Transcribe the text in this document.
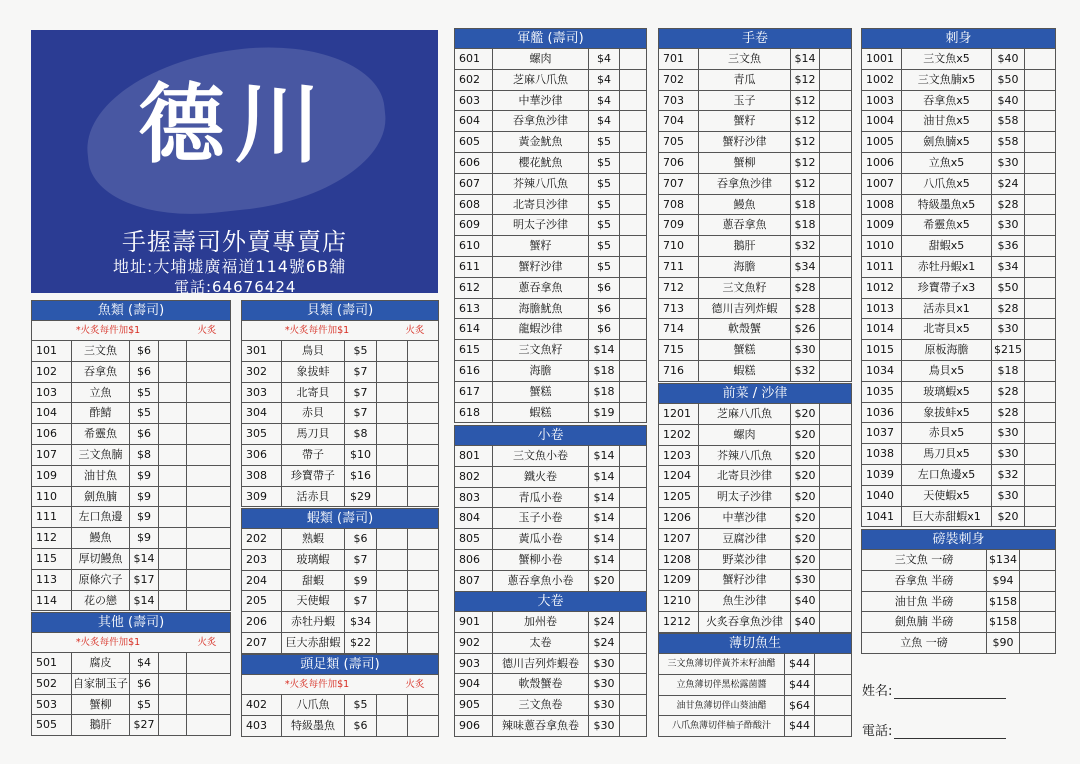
德川
手握壽司外賣專賣店
地址:大埔墟廣福道114號6B舖
電話:64676424
魚類 (壽司)
*火炙每件加$1	火炙
101	三文魚	$6
102	吞拿魚	$6
103	立魚	$5
104	酢鯖	$5
106	希靈魚	$6
107	三文魚腩	$8
109	油甘魚	$9
110	劍魚腩	$9
111	左口魚邊	$9
112	鰻魚	$9
115	厚切鰻魚	$14
113	原條穴子	$17
114	花の戀	$14
其他 (壽司)
*火炙每件加$1	火炙
501	腐皮	$4
502	自家制玉子 $6
503	蟹柳	$5
505	鵝肝	$27
貝類 (壽司)
*火炙每件加$1	火炙
301	鳥貝	$5
302	象拔蚌	$7
303	北寄貝	$7
304	赤貝	$7
305	馬刀貝	$8
306	帶子	$10
308	珍寶帶子	$16
309	活赤貝	$29
蝦類 (壽司)
202	熟蝦	$6
203	玻璃蝦	$7
204	甜蝦	$9
205	天使蝦	$7
206	赤牡丹蝦	$34
207	巨大赤甜蝦 $22
頭足類 (壽司)
*火炙每件加$1	火炙
402	八爪魚	$5
403	特級墨魚	$6
軍艦 (壽司)
601	螺肉	$4
602	芝麻八爪魚	$4
603	中華沙律	$4
604	吞拿魚沙律	$4
605	黃金魷魚	$5
606	櫻花魷魚	$5
607	芥辣八爪魚	$5
608	北寄貝沙律	$5
609	明太子沙律	$5
610	蟹籽	$5
611	蟹籽沙律	$5
612	蔥吞拿魚	$6
613	海膽魷魚	$6
614	龍蝦沙律	$6
615	三文魚籽	$14
616	海膽	$18
617	蟹糕	$18
618	蝦糕	$19
小卷
801	三文魚小卷	$14
802	鐵火卷	$14
803	青瓜小卷	$14
804	玉子小卷	$14
805	黃瓜小卷	$14
806	蟹柳小卷	$14
807	蔥吞拿魚小卷	$20
大卷
901	加州卷	$24
902	太卷	$24
903	德川吉列炸蝦卷	$30
904	軟殼蟹卷	$30
905	三文魚卷	$30
906	辣味蔥吞拿魚卷	$30
手卷
701	三文魚	$14
702	青瓜	$12
703	玉子	$12
704	蟹籽	$12
705	蟹籽沙律	$12
706	蟹柳	$12
707	吞拿魚沙律	$12
708	鰻魚	$18
709	蔥吞拿魚	$18
710	鵝肝	$32
711	海膽	$34
712	三文魚籽	$28
713	德川吉列炸蝦	$28
714	軟殼蟹	$26
715	蟹糕	$30
716	蝦糕	$32
前菜 / 沙律
1201	芝麻八爪魚	$20
1202	螺肉	$20
1203	芥辣八爪魚	$20
1204	北寄貝沙律	$20
1205	明太子沙律	$20
1206	中華沙律	$20
1207	豆腐沙律	$20
1208	野菜沙律	$20
1209	蟹籽沙律	$30
1210	魚生沙律	$40
1212	火炙吞拿魚沙律	$40
薄切魚生
三文魚薄切伴黃芥末籽油醋	$44
立魚薄切伴黑松露菌醬	$44
油甘魚薄切伴山葵油醋	$64
八爪魚薄切伴柚子酢酸汁	$44
刺身
1001	三文魚x5	$40
1002	三文魚腩x5	$50
1003	吞拿魚x5	$40
1004	油甘魚x5	$58
1005	劍魚腩x5	$58
1006	立魚x5	$30
1007	八爪魚x5	$24
1008	特級墨魚x5	$28
1009	希靈魚x5	$30
1010	甜蝦x5	$36
1011	赤牡丹蝦x1	$34
1012	珍寶帶子x3	$50
1013	活赤貝x1	$28
1014	北寄貝x5	$30
1015	原板海膽	$215
1034	鳥貝x5	$18
1035	玻璃蝦x5	$28
1036	象拔蚌x5	$28
1037	赤貝x5	$30
1038	馬刀貝x5	$30
1039	左口魚邊x5	$32
1040	天使蝦x5	$30
1041	巨大赤甜蝦x1	$20
磅裝刺身
三文魚 一磅	$134
吞拿魚 半磅	$94
油甘魚 半磅	$158
劍魚腩 半磅	$158
立魚 一磅	$90
姓名:
電話:
